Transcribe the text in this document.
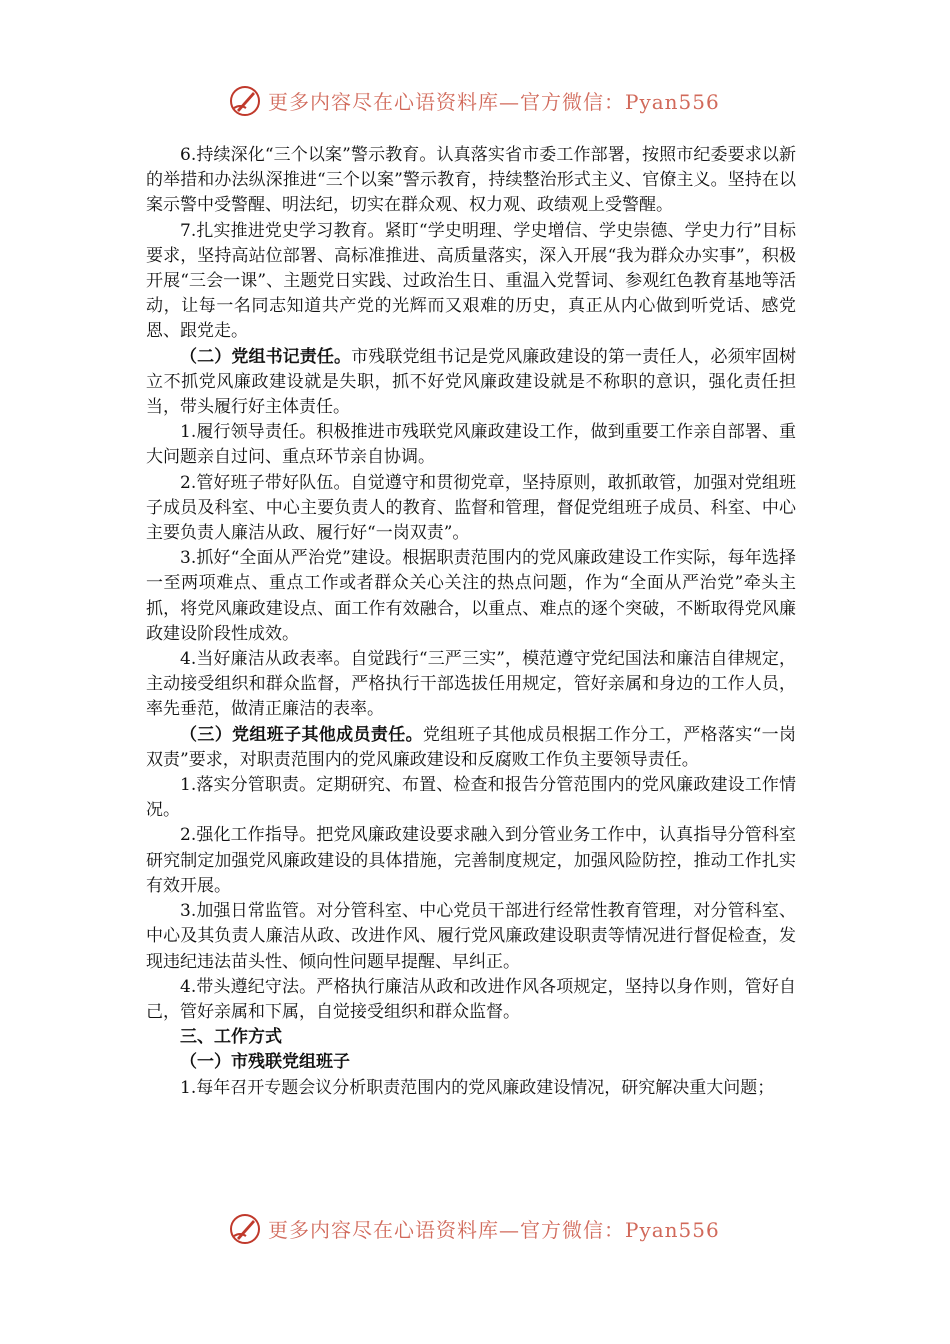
更多内容尽在心语资料库—官方微信：Pyan556

6.持续深化“三个以案”警示教育。认真落实省市委工作部署，按照市纪委要求以新的举措和办法纵深推进“三个以案”警示教育，持续整治形式主义、官僚主义。坚持在以案示警中受警醒、明法纪，切实在群众观、权力观、政绩观上受警醒。

7.扎实推进党史学习教育。紧盯“学史明理、学史增信、学史崇德、学史力行”目标要求，坚持高站位部署、高标准推进、高质量落实，深入开展“我为群众办实事”，积极开展“三会一课”、主题党日实践、过政治生日、重温入党誓词、参观红色教育基地等活动，让每一名同志知道共产党的光辉而又艰难的历史，真正从内心做到听党话、感党恩、跟党走。

（二）党组书记责任。市残联党组书记是党风廉政建设的第一责任人，必须牢固树立不抓党风廉政建设就是失职，抓不好党风廉政建设就是不称职的意识，强化责任担当，带头履行好主体责任。

1.履行领导责任。积极推进市残联党风廉政建设工作，做到重要工作亲自部署、重大问题亲自过问、重点环节亲自协调。

2.管好班子带好队伍。自觉遵守和贯彻党章，坚持原则，敢抓敢管，加强对党组班子成员及科室、中心主要负责人的教育、监督和管理，督促党组班子成员、科室、中心主要负责人廉洁从政、履行好“一岗双责”。

3.抓好“全面从严治党”建设。根据职责范围内的党风廉政建设工作实际，每年选择一至两项难点、重点工作或者群众关心关注的热点问题，作为“全面从严治党”牵头主抓，将党风廉政建设点、面工作有效融合，以重点、难点的逐个突破，不断取得党风廉政建设阶段性成效。

4.当好廉洁从政表率。自觉践行“三严三实”，模范遵守党纪国法和廉洁自律规定，主动接受组织和群众监督，严格执行干部选拔任用规定，管好亲属和身边的工作人员，率先垂范，做清正廉洁的表率。

（三）党组班子其他成员责任。党组班子其他成员根据工作分工，严格落实“一岗双责”要求，对职责范围内的党风廉政建设和反腐败工作负主要领导责任。

1.落实分管职责。定期研究、布置、检查和报告分管范围内的党风廉政建设工作情况。

2.强化工作指导。把党风廉政建设要求融入到分管业务工作中，认真指导分管科室研究制定加强党风廉政建设的具体措施，完善制度规定，加强风险防控，推动工作扎实有效开展。

3.加强日常监管。对分管科室、中心党员干部进行经常性教育管理，对分管科室、中心及其负责人廉洁从政、改进作风、履行党风廉政建设职责等情况进行督促检查，发现违纪违法苗头性、倾向性问题早提醒、早纠正。

4.带头遵纪守法。严格执行廉洁从政和改进作风各项规定，坚持以身作则，管好自己，管好亲属和下属，自觉接受组织和群众监督。

三、工作方式

（一）市残联党组班子

1.每年召开专题会议分析职责范围内的党风廉政建设情况，研究解决重大问题；

更多内容尽在心语资料库—官方微信：Pyan556
